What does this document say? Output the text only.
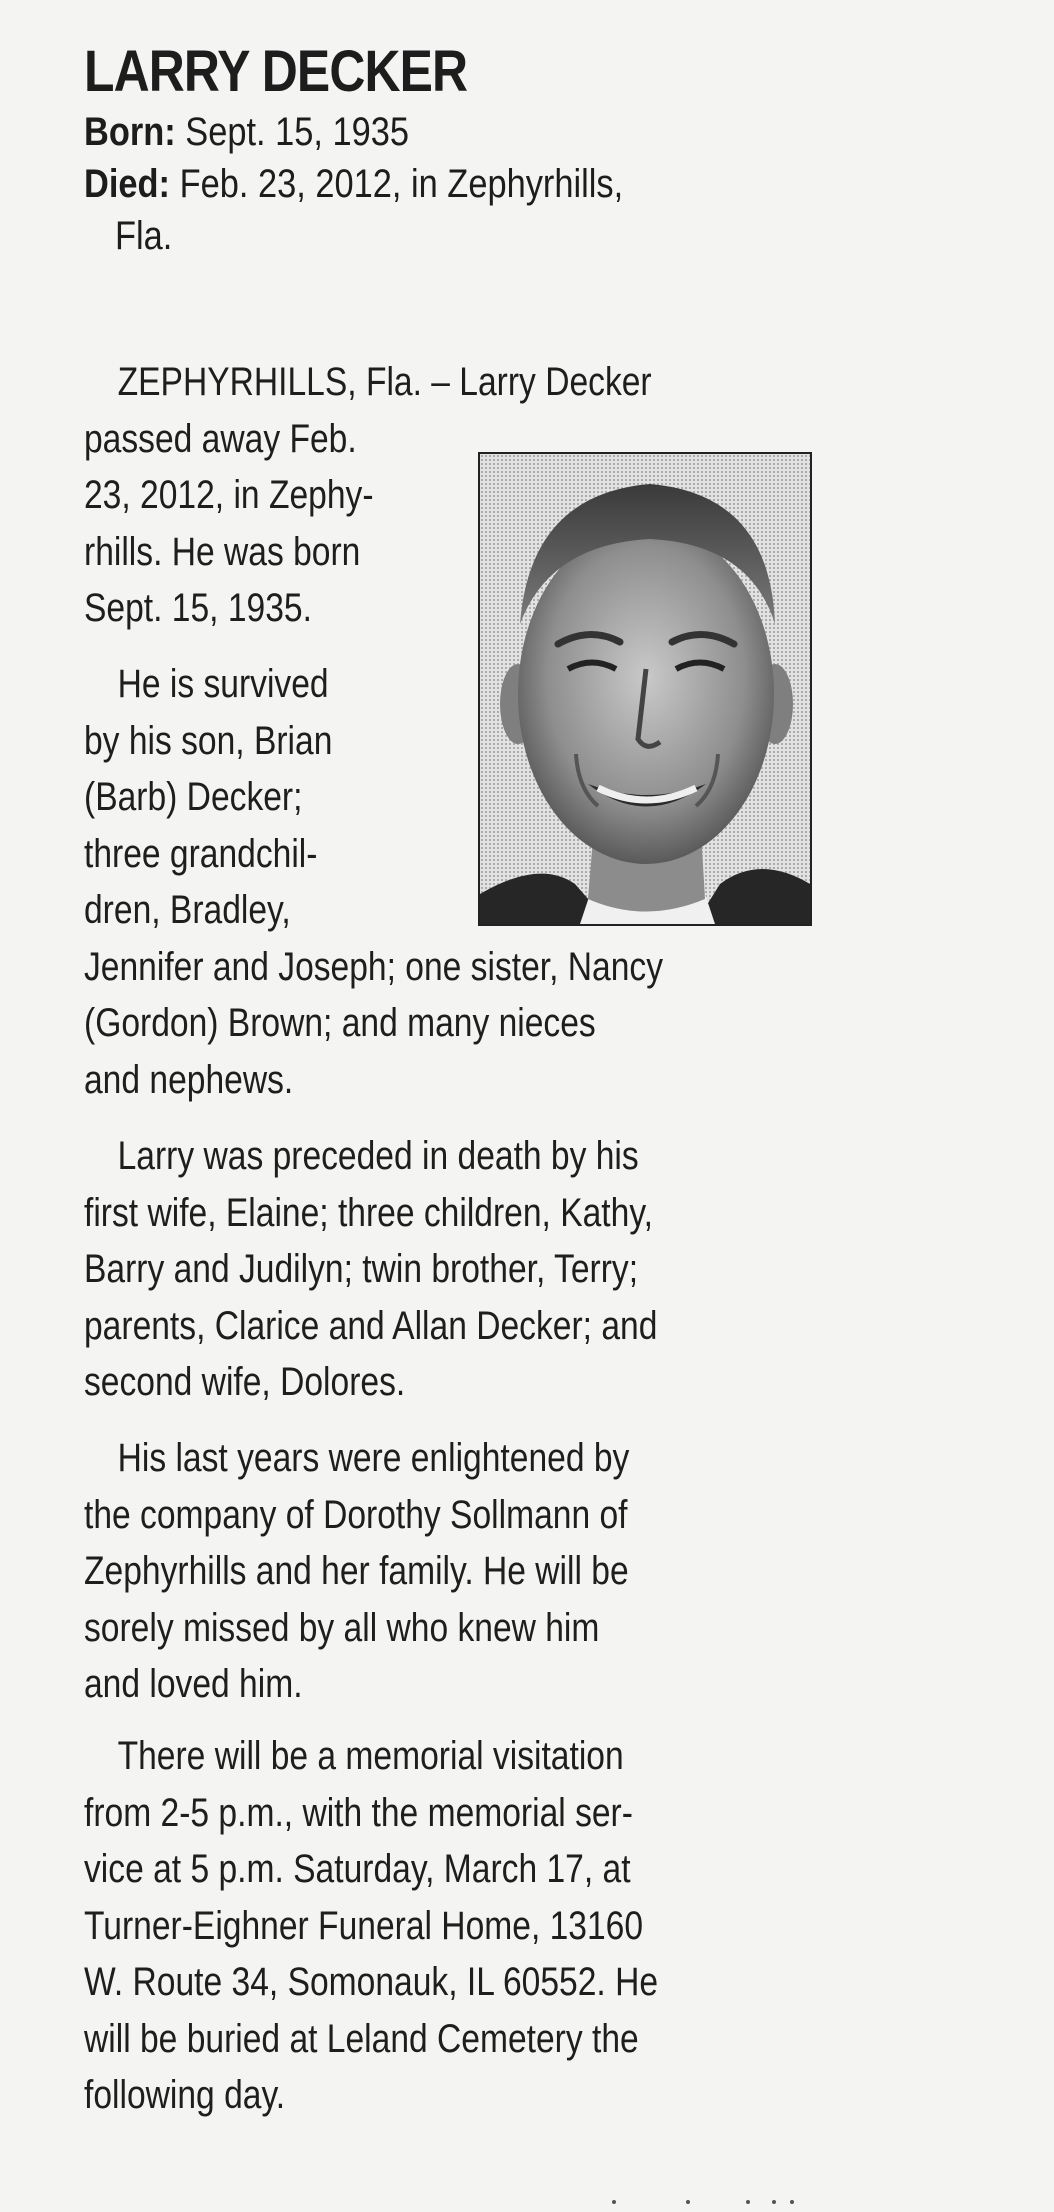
LARRY DECKER
Born: Sept. 15, 1935
Died: Feb. 23, 2012, in Zephyrhills,
Fla.
ZEPHYRHILLS, Fla. – Larry Decker
passed away Feb.
23, 2012, in Zephy-
rhills. He was born
Sept. 15, 1935.
He is survived
by his son, Brian
(Barb) Decker;
three grandchil-
dren, Bradley,
Jennifer and Joseph; one sister, Nancy
(Gordon) Brown; and many nieces
and nephews.
Larry was preceded in death by his
first wife, Elaine; three children, Kathy,
Barry and Judilyn; twin brother, Terry;
parents, Clarice and Allan Decker; and
second wife, Dolores.
His last years were enlightened by
the company of Dorothy Sollmann of
Zephyrhills and her family. He will be
sorely missed by all who knew him
and loved him.
There will be a memorial visitation
from 2-5 p.m., with the memorial ser-
vice at 5 p.m. Saturday, March 17, at
Turner-Eighner Funeral Home, 13160
W. Route 34, Somonauk, IL 60552. He
will be buried at Leland Cemetery the
following day.
